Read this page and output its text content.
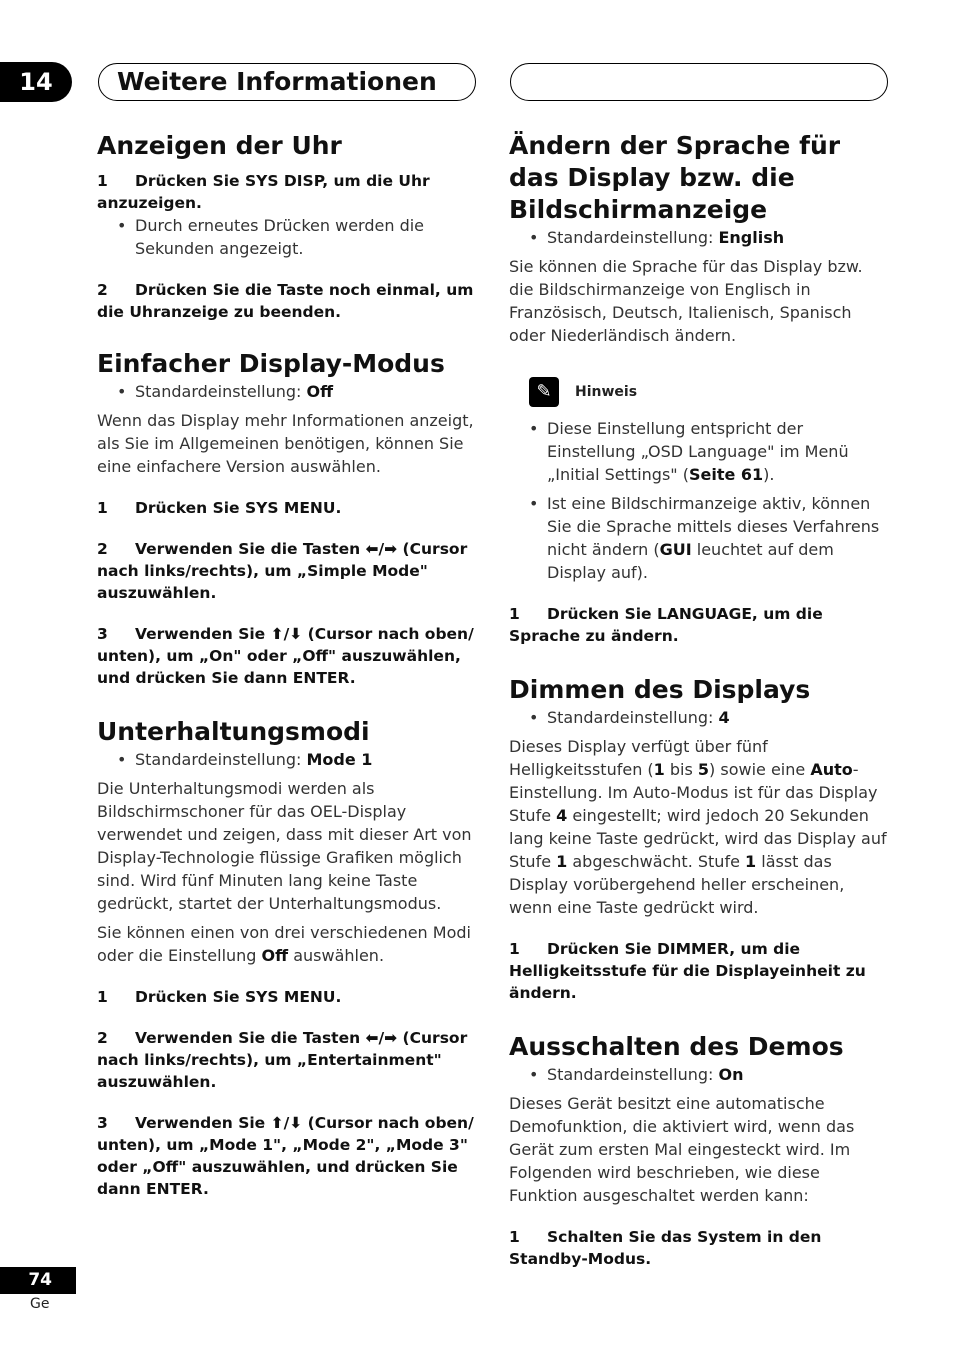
14	Weitere Informationen
Anzeigen der Uhr

1 Drücken Sie SYS DISP, um die Uhr anzuzeigen.

• Durch erneutes Drücken werden die Sekunden angezeigt.

2 Drücken Sie die Taste noch einmal, um die Uhranzeige zu beenden.

Einfacher Display-Modus

• Standardeinstellung: Off

Wenn das Display mehr Informationen anzeigt, als Sie im Allgemeinen benötigen, können Sie eine einfachere Version auswählen.

1 Drücken Sie SYS MENU.

2 Verwenden Sie die Tasten ⬅/➡ (Cursor nach links/rechts), um „Simple Mode" auszuwählen.

3 Verwenden Sie ⬆/⬇ (Cursor nach oben/ unten), um „On" oder „Off" auszuwählen, und drücken Sie dann ENTER.

Unterhaltungsmodi

• Standardeinstellung: Mode 1

Die Unterhaltungsmodi werden als Bildschirmschoner für das OEL-Display verwendet und zeigen, dass mit dieser Art von Display-Technologie flüssige Grafiken möglich sind. Wird fünf Minuten lang keine Taste gedrückt, startet der Unterhaltungsmodus.

Sie können einen von drei verschiedenen Modi oder die Einstellung Off auswählen.

1 Drücken Sie SYS MENU.

2 Verwenden Sie die Tasten ⬅/➡ (Cursor nach links/rechts), um „Entertainment" auszuwählen.

3 Verwenden Sie ⬆/⬇ (Cursor nach oben/ unten), um „Mode 1", „Mode 2", „Mode 3" oder „Off" auszuwählen, und drücken Sie dann ENTER.

Ändern der Sprache für das Display bzw. die Bildschirmanzeige

• Standardeinstellung: English

Sie können die Sprache für das Display bzw. die Bildschirmanzeige von Englisch in Französisch, Deutsch, Italienisch, Spanisch oder Niederländisch ändern.

✎	Hinweis

• Diese Einstellung entspricht der Einstellung „OSD Language" im Menü „Initial Settings" (Seite 61).

• Ist eine Bildschirmanzeige aktiv, können Sie die Sprache mittels dieses Verfahrens nicht ändern (GUI leuchtet auf dem Display auf).

1 Drücken Sie LANGUAGE, um die Sprache zu ändern.

Dimmen des Displays

• Standardeinstellung: 4

Dieses Display verfügt über fünf Helligkeitsstufen (1 bis 5) sowie eine Auto-Einstellung. Im Auto-Modus ist für das Display Stufe 4 eingestellt; wird jedoch 20 Sekunden lang keine Taste gedrückt, wird das Display auf Stufe 1 abgeschwächt. Stufe 1 lässt das Display vorübergehend heller erscheinen, wenn eine Taste gedrückt wird.

1 Drücken Sie DIMMER, um die Helligkeitsstufe für die Displayeinheit zu ändern.

Ausschalten des Demos

• Standardeinstellung: On

Dieses Gerät besitzt eine automatische Demofunktion, die aktiviert wird, wenn das Gerät zum ersten Mal eingesteckt wird. Im Folgenden wird beschrieben, wie diese Funktion ausgeschaltet werden kann:

1 Schalten Sie das System in den Standby-Modus.

74
Ge
